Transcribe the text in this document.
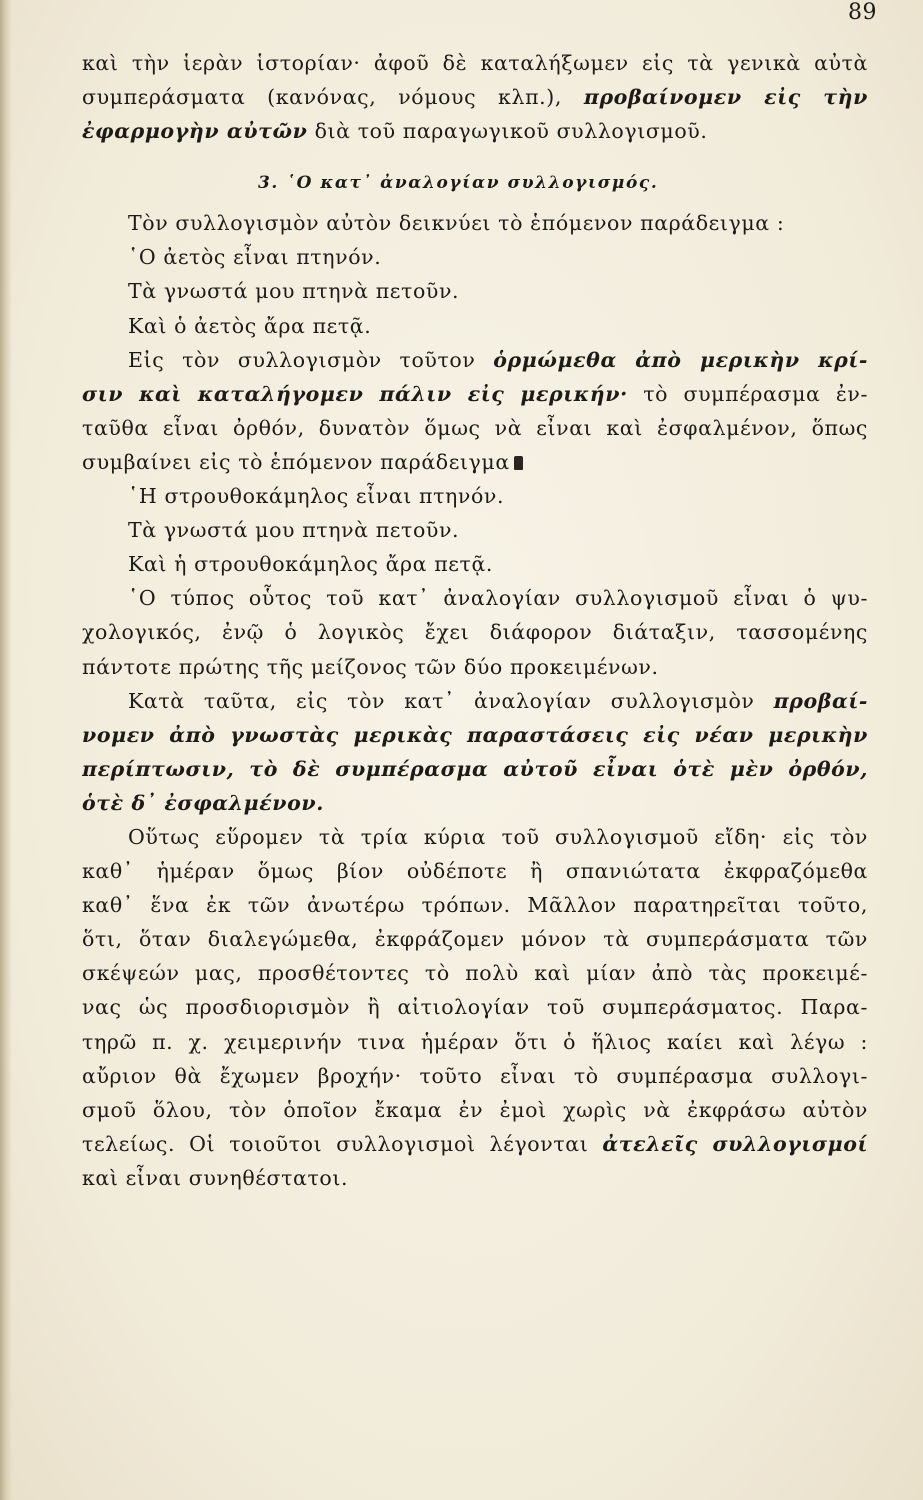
89
καὶ τὴν ἱερὰν ἱστορίαν· ἀφοῦ δὲ καταλήξωμεν εἰς τὰ γενικὰ αὐτὰ
συμπεράσματα (κανόνας, νόμους κλπ.), προβαίνομεν εἰς τὴν
ἐφαρμογὴν αὐτῶν διὰ τοῦ παραγωγικοῦ συλλογισμοῦ.
3. ῾Ο κατ᾿ ἀναλογίαν συλλογισμός.
Τὸν συλλογισμὸν αὐτὸν δεικνύει τὸ ἑπόμενον παράδειγμα :
῾Ο ἀετὸς εἶναι πτηνόν.
Τὰ γνωστά μου πτηνὰ πετοῦν.
Καὶ ὁ ἀετὸς ἄρα πετᾷ.
Εἰς τὸν συλλογισμὸν τοῦτον ὁρμώμεθα ἀπὸ μερικὴν κρί-
σιν καὶ καταλήγομεν πάλιν εἰς μερικήν· τὸ συμπέρασμα ἐν-
ταῦθα εἶναι ὀρθόν, δυνατὸν ὅμως νὰ εἶναι καὶ ἐσφαλμένον, ὅπως
συμβαίνει εἰς τὸ ἑπόμενον παράδειγμα
῾Η στρουθοκάμηλος εἶναι πτηνόν.
Τὰ γνωστά μου πτηνὰ πετοῦν.
Καὶ ἡ στρουθοκάμηλος ἄρα πετᾷ.
῾Ο τύπος οὗτος τοῦ κατ᾿ ἀναλογίαν συλλογισμοῦ εἶναι ὁ ψυ-
χολογικός, ἐνῷ ὁ λογικὸς ἔχει διάφορον διάταξιν, τασσομένης
πάντοτε πρώτης τῆς μείζονος τῶν δύο προκειμένων.
Κατὰ ταῦτα, εἰς τὸν κατ᾿ ἀναλογίαν συλλογισμὸν προβαί-
νομεν ἀπὸ γνωστὰς μερικὰς παραστάσεις εἰς νέαν μερικὴν
περίπτωσιν, τὸ δὲ συμπέρασμα αὐτοῦ εἶναι ὁτὲ μὲν ὀρθόν,
ὁτὲ δ᾿ ἐσφαλμένον.
Οὕτως εὕρομεν τὰ τρία κύρια τοῦ συλλογισμοῦ εἴδη· εἰς τὸν
καθ᾿ ἡμέραν ὅμως βίον οὐδέποτε ἢ σπανιώτατα ἐκφραζόμεθα
καθ᾿ ἕνα ἐκ τῶν ἀνωτέρω τρόπων. Μᾶλλον παρατηρεῖται τοῦτο,
ὅτι, ὅταν διαλεγώμεθα, ἐκφράζομεν μόνον τὰ συμπεράσματα τῶν
σκέψεών μας, προσθέτοντες τὸ πολὺ καὶ μίαν ἀπὸ τὰς προκειμέ-
νας ὡς προσδιορισμὸν ἢ αἰτιολογίαν τοῦ συμπεράσματος. Παρα-
τηρῶ π. χ. χειμερινήν τινα ἡμέραν ὅτι ὁ ἥλιος καίει καὶ λέγω :
αὔριον θὰ ἔχωμεν βροχήν· τοῦτο εἶναι τὸ συμπέρασμα συλλογι-
σμοῦ ὅλου, τὸν ὁποῖον ἔκαμα ἐν ἐμοὶ χωρὶς νὰ ἐκφράσω αὐτὸν
τελείως. Οἱ τοιοῦτοι συλλογισμοὶ λέγονται ἀτελεῖς συλλογισμοί
καὶ εἶναι συνηθέστατοι.
